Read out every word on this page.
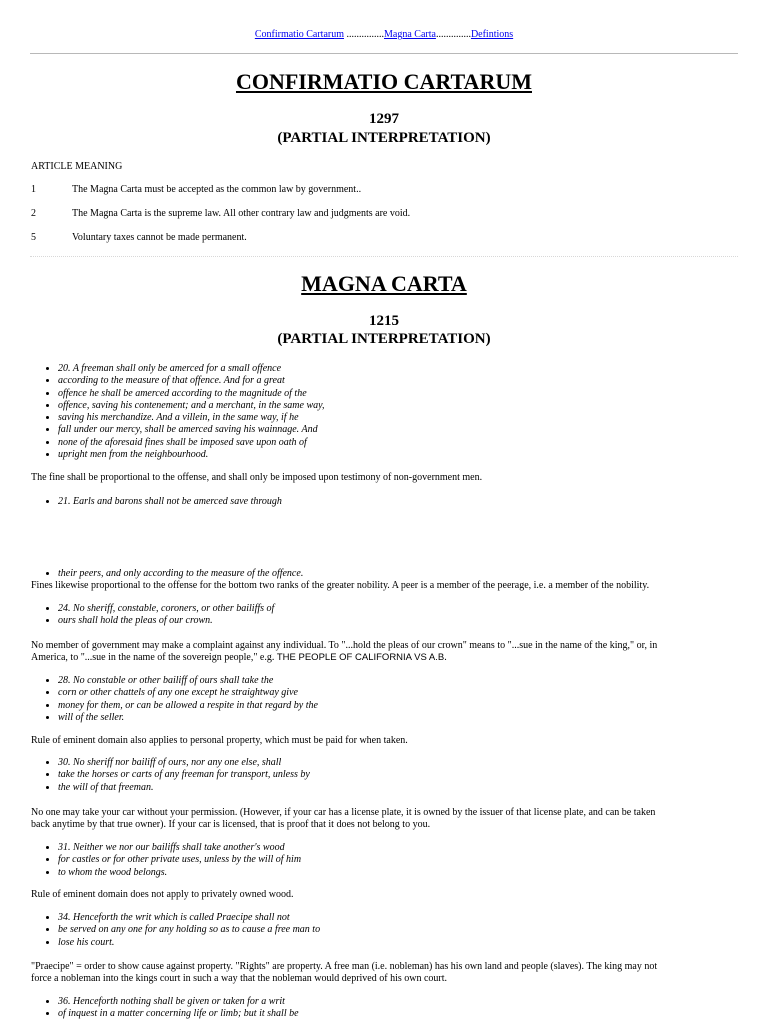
Confirmatio Cartarum ...............Magna Carta..............Defintions
CONFIRMATIO CARTARUM
1297
(PARTIAL INTERPRETATION)
ARTICLE MEANING
1	The Magna Carta must be accepted as the common law by government..
2	The Magna Carta is the supreme law. All other contrary law and judgments are void.
5	Voluntary taxes cannot be made permanent.
MAGNA CARTA
1215
(PARTIAL INTERPRETATION)
• 20. A freeman shall only be amerced for a small offence
• according to the measure of that offence. And for a great
• offence he shall be amerced according to the magnitude of the
• offence, saving his contenement; and a merchant, in the same way,
• saving his merchandize. And a villein, in the same way, if he
• fall under our mercy, shall be amerced saving his wainnage. And
• none of the aforesaid fines shall be imposed save upon oath of
• upright men from the neighbourhood.
The fine shall be proportional to the offense, and shall only be imposed upon testimony of non-government men.
• 21. Earls and barons shall not be amerced save through
• their peers, and only according to the measure of the offence.
Fines likewise proportional to the offense for the bottom two ranks of the greater nobility. A peer is a member of the peerage, i.e. a member of the nobility.
• 24. No sheriff, constable, coroners, or other bailiffs of
• ours shall hold the pleas of our crown.
No member of government may make a complaint against any individual. To "...hold the pleas of our crown" means to "...sue in the name of the king," or, in
America, to "...sue in the name of the sovereign people," e.g. THE PEOPLE OF CALIFORNIA VS A.B.
• 28. No constable or other bailiff of ours shall take the
• corn or other chattels of any one except he straightway give
• money for them, or can be allowed a respite in that regard by the
• will of the seller.
Rule of eminent domain also applies to personal property, which must be paid for when taken.
• 30. No sheriff nor bailiff of ours, nor any one else, shall
• take the horses or carts of any freeman for transport, unless by
• the will of that freeman.
No one may take your car without your permission. (However, if your car has a license plate, it is owned by the issuer of that license plate, and can be taken
back anytime by that true owner). If your car is licensed, that is proof that it does not belong to you.
• 31. Neither we nor our bailiffs shall take another's wood
• for castles or for other private uses, unless by the will of him
• to whom the wood belongs.
Rule of eminent domain does not apply to privately owned wood.
• 34. Henceforth the writ which is called Praecipe shall not
• be served on any one for any holding so as to cause a free man to
• lose his court.
"Praecipe" = order to show cause against property. "Rights" are property. A free man (i.e. nobleman) has his own land and people (slaves). The king may not
force a nobleman into the kings court in such a way that the nobleman would deprived of his own court.
• 36. Henceforth nothing shall be given or taken for a writ
• of inquest in a matter concerning life or limb; but it shall be
